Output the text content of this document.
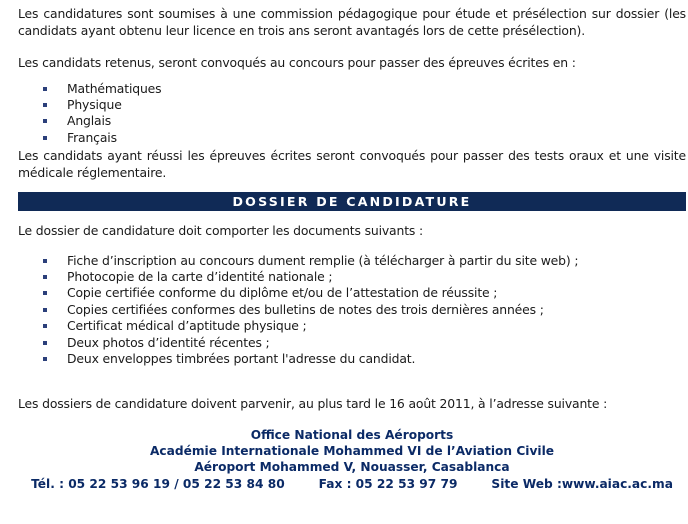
Les candidatures sont soumises à une commission pédagogique pour étude et présélection sur dossier (les candidats ayant obtenu leur licence en trois ans seront avantagés lors de cette présélection).

Les candidats retenus, seront convoqués au concours pour passer des épreuves écrites en :

Mathématiques
Physique
Anglais
Français

Les candidats ayant réussi les épreuves écrites seront convoqués pour passer des tests oraux et une visite médicale réglementaire.

DOSSIER DE CANDIDATURE

Le dossier de candidature doit comporter les documents suivants :

Fiche d’inscription au concours dument remplie (à télécharger à partir du site web) ;
Photocopie de la carte d’identité nationale ;
Copie certifiée conforme du diplôme et/ou de l’attestation de réussite ;
Copies certifiées conformes des bulletins de notes des trois dernières années ;
Certificat médical d’aptitude physique ;
Deux photos d’identité récentes ;
Deux enveloppes timbrées portant l'adresse du candidat.

Les dossiers de candidature doivent parvenir, au plus tard le 16 août 2011, à l’adresse suivante :

Office National des Aéroports
Académie Internationale Mohammed VI de l’Aviation Civile
Aéroport Mohammed V, Nouasser, Casablanca
Tél. : 05 22 53 96 19 / 05 22 53 84 80	Fax : 05 22 53 97 79	Site Web :www.aiac.ac.ma
